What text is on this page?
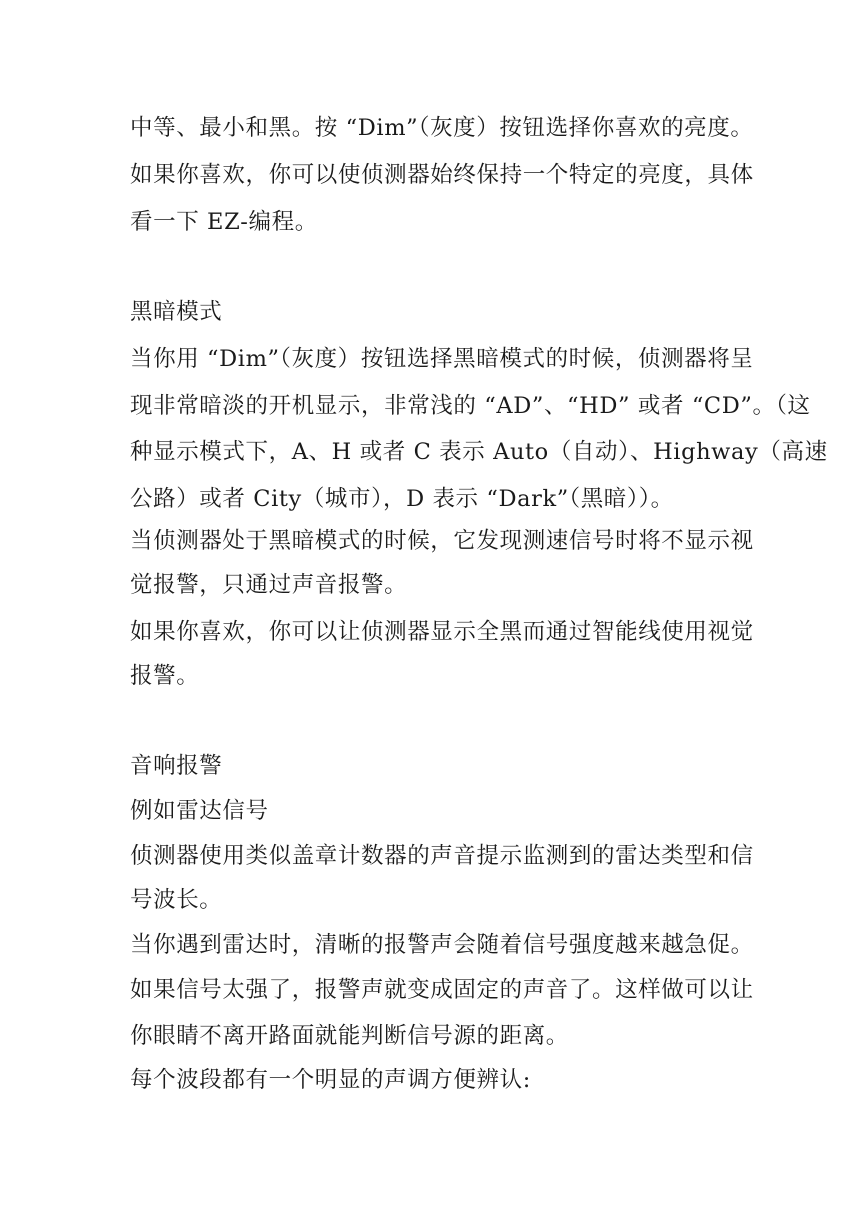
中等、最小和黑。按 “Dim”（灰度）按钮选择你喜欢的亮度。
如果你喜欢，你可以使侦测器始终保持一个特定的亮度，具体
看一下 EZ-编程。
黑暗模式
当你用 “Dim”（灰度）按钮选择黑暗模式的时候，侦测器将呈
现非常暗淡的开机显示，非常浅的 “AD”、“HD” 或者 “CD”。（这
种显示模式下，A、H 或者 C 表示 Auto（自动）、Highway（高速
公路）或者 City（城市），D 表示 “Dark”（黑暗））。
当侦测器处于黑暗模式的时候，它发现测速信号时将不显示视
觉报警，只通过声音报警。
如果你喜欢，你可以让侦测器显示全黑而通过智能线使用视觉
报警。
音响报警
例如雷达信号
侦测器使用类似盖章计数器的声音提示监测到的雷达类型和信
号波长。
当你遇到雷达时，清晰的报警声会随着信号强度越来越急促。
如果信号太强了，报警声就变成固定的声音了。这样做可以让
你眼睛不离开路面就能判断信号源的距离。
每个波段都有一个明显的声调方便辨认:
